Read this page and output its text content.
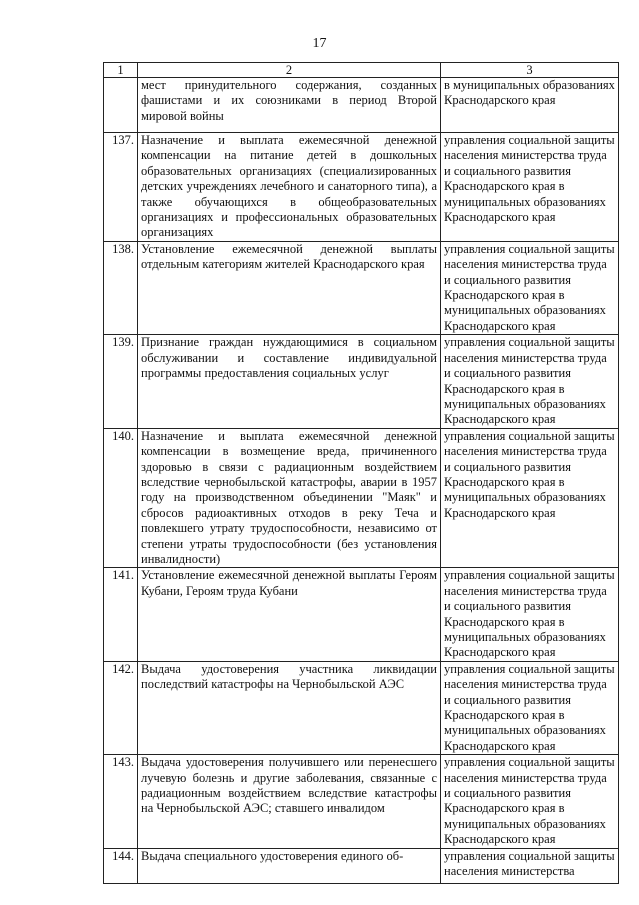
17
1	2	3
	мест принудительного содержания, созданных фашистами и их союзниками в период Второй мировой войны	в муниципальных образованиях Краснодарского края
137.	Назначение и выплата ежемесячной денежной компенсации на питание детей в дошкольных образовательных организациях (специализированных детских учреждениях лечебного и санаторного типа), а также обучающихся в общеобразовательных организациях и профессиональных образовательных организациях	управления социальной защиты населения министерства труда и социального развития Краснодарского края в муниципальных образованиях Краснодарского края
138.	Установление ежемесячной денежной выплаты отдельным категориям жителей Краснодарского края	управления социальной защиты населения министерства труда и социального развития Краснодарского края в муниципальных образованиях Краснодарского края
139.	Признание граждан нуждающимися в социальном обслуживании и составление индивидуальной программы предоставления социальных услуг	управления социальной защиты населения министерства труда и социального развития Краснодарского края в муниципальных образованиях Краснодарского края
140.	Назначение и выплата ежемесячной денежной компенсации в возмещение вреда, причиненного здоровью в связи с радиационным воздействием вследствие чернобыльской катастрофы, аварии в 1957 году на производственном объединении "Маяк" и сбросов радиоактивных отходов в реку Теча и повлекшего утрату трудоспособности, независимо от степени утраты трудоспособности (без установления инвалидности)	управления социальной защиты населения министерства труда и социального развития Краснодарского края в муниципальных образованиях Краснодарского края
141.	Установление ежемесячной денежной выплаты Героям Кубани, Героям труда Кубани	управления социальной защиты населения министерства труда и социального развития Краснодарского края в муниципальных образованиях Краснодарского края
142.	Выдача удостоверения участника ликвидации последствий катастрофы на Чернобыльской АЭС	управления социальной защиты населения министерства труда и социального развития Краснодарского края в муниципальных образованиях Краснодарского края
143.	Выдача удостоверения получившего или перенесшего лучевую болезнь и другие заболевания, связанные с радиационным воздействием вследствие катастрофы на Чернобыльской АЭС; ставшего инвалидом	управления социальной защиты населения министерства труда и социального развития Краснодарского края в муниципальных образованиях Краснодарского края
144.	Выдача специального удостоверения единого об-	управления социальной защиты населения министерства
